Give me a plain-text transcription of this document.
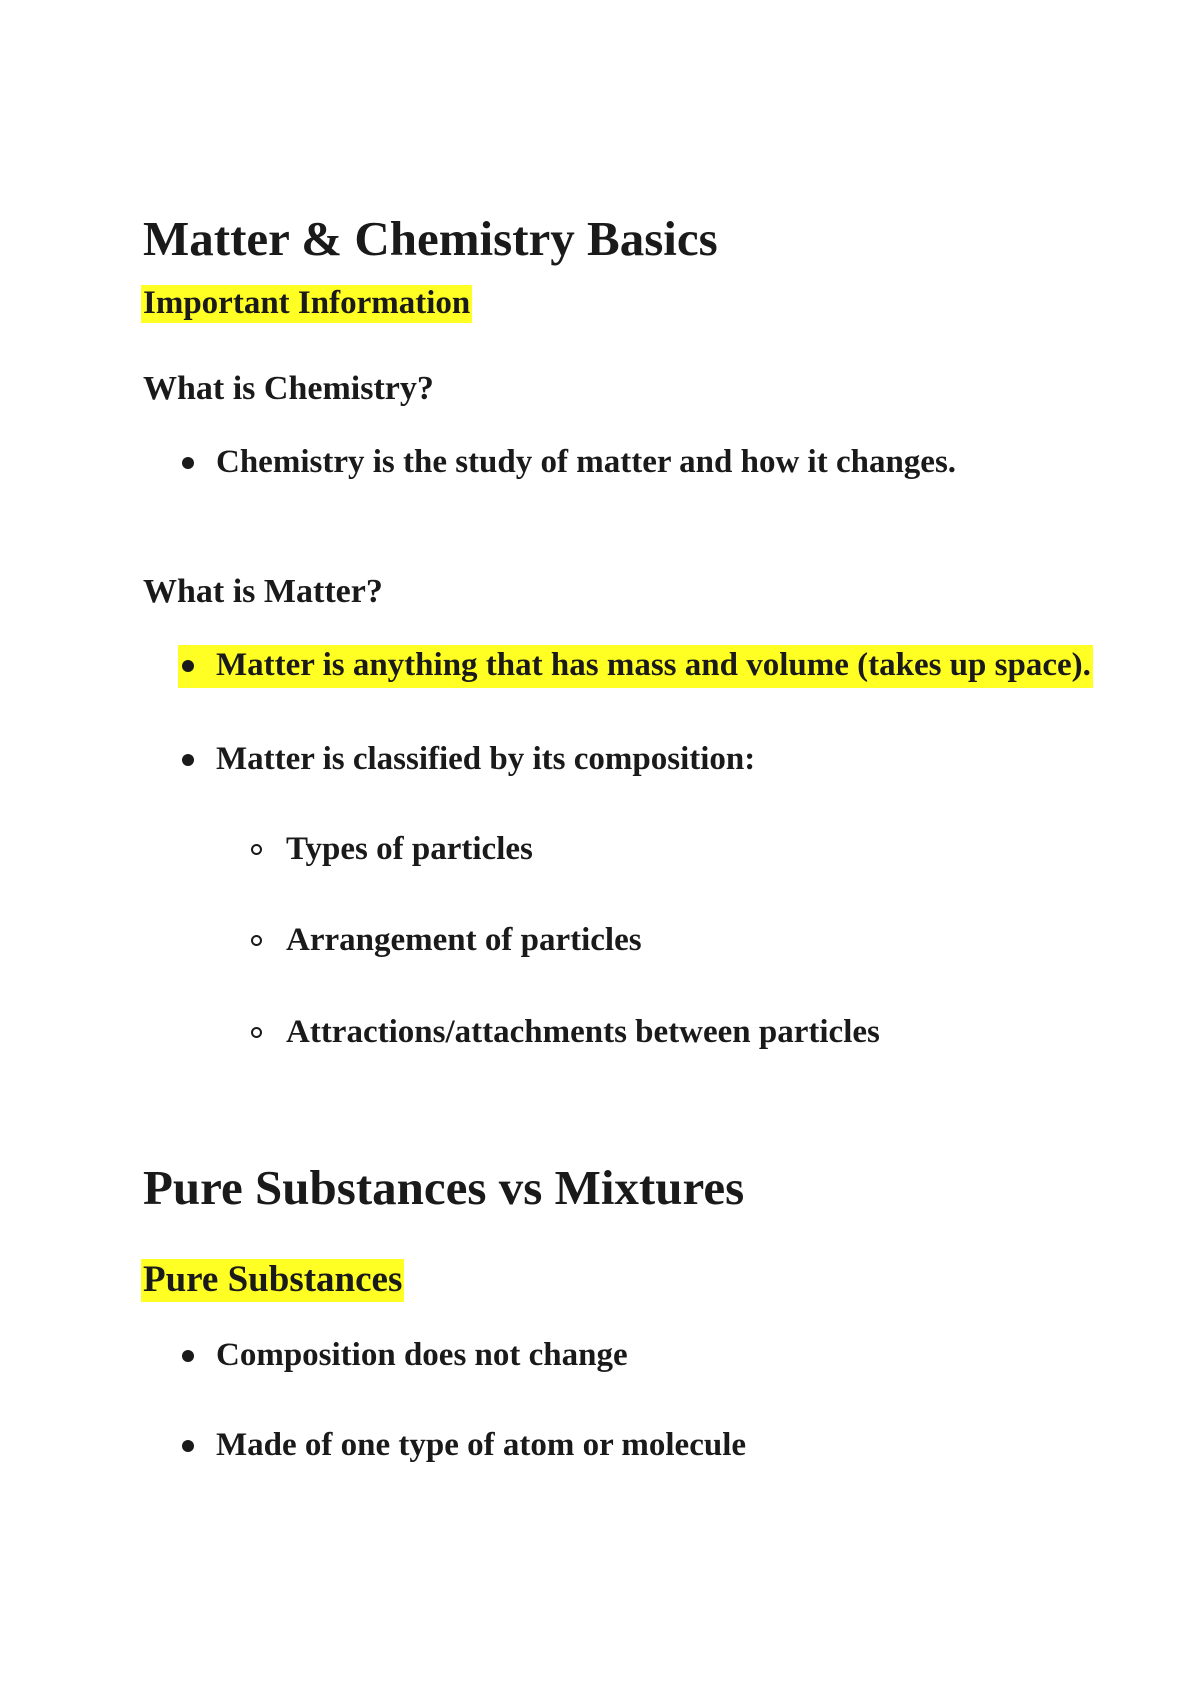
Matter & Chemistry Basics
Important Information
What is Chemistry?
Chemistry is the study of matter and how it changes.
What is Matter?
Matter is anything that has mass and volume (takes up space).
Matter is classified by its composition:
Types of particles
Arrangement of particles
Attractions/attachments between particles
Pure Substances vs Mixtures
Pure Substances
Composition does not change
Made of one type of atom or molecule
